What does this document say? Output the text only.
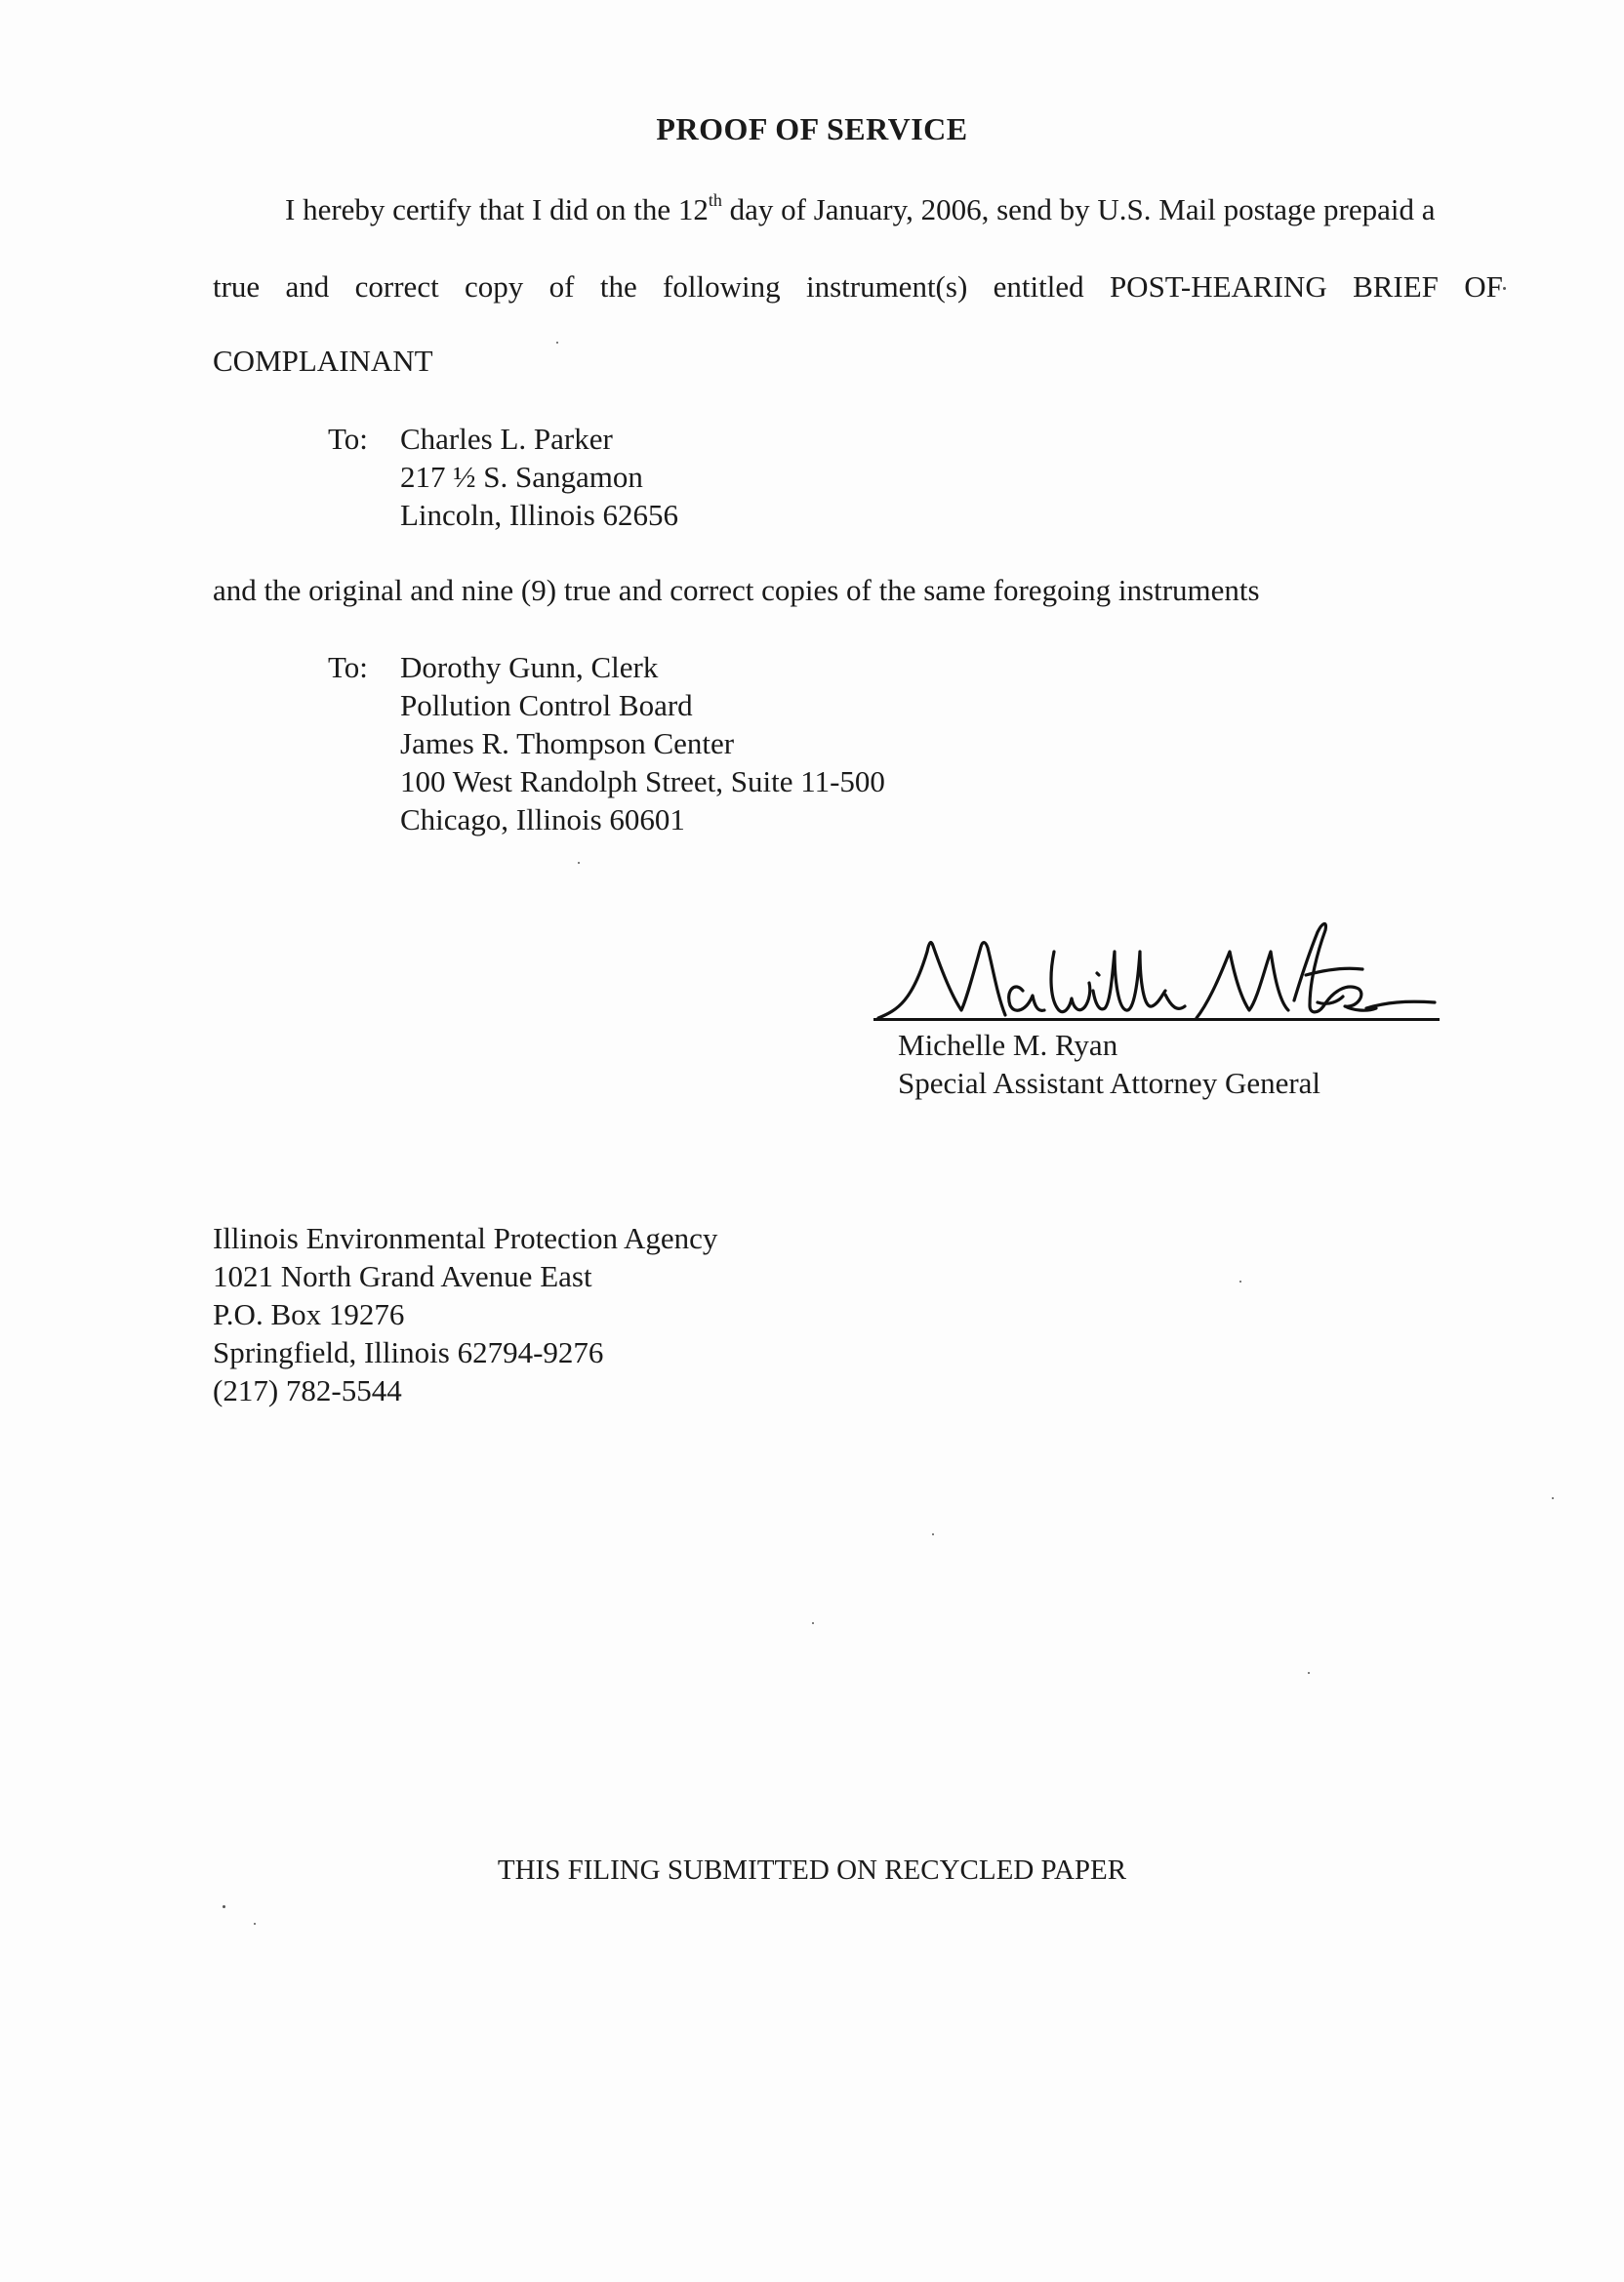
PROOF OF SERVICE
I hereby certify that I did on the 12th day of January, 2006, send by U.S. Mail postage prepaid a
true and correct copy of the following instrument(s) entitled POST-HEARING BRIEF OF
COMPLAINANT
To: Charles L. Parker
217 ½ S. Sangamon
Lincoln, Illinois 62656
and the original and nine (9) true and correct copies of the same foregoing instruments
To: Dorothy Gunn, Clerk
Pollution Control Board
James R. Thompson Center
100 West Randolph Street, Suite 11-500
Chicago, Illinois 60601
Michelle M. Ryan
Special Assistant Attorney General
Illinois Environmental Protection Agency
1021 North Grand Avenue East
P.O. Box 19276
Springfield, Illinois 62794-9276
(217) 782-5544
THIS FILING SUBMITTED ON RECYCLED PAPER
